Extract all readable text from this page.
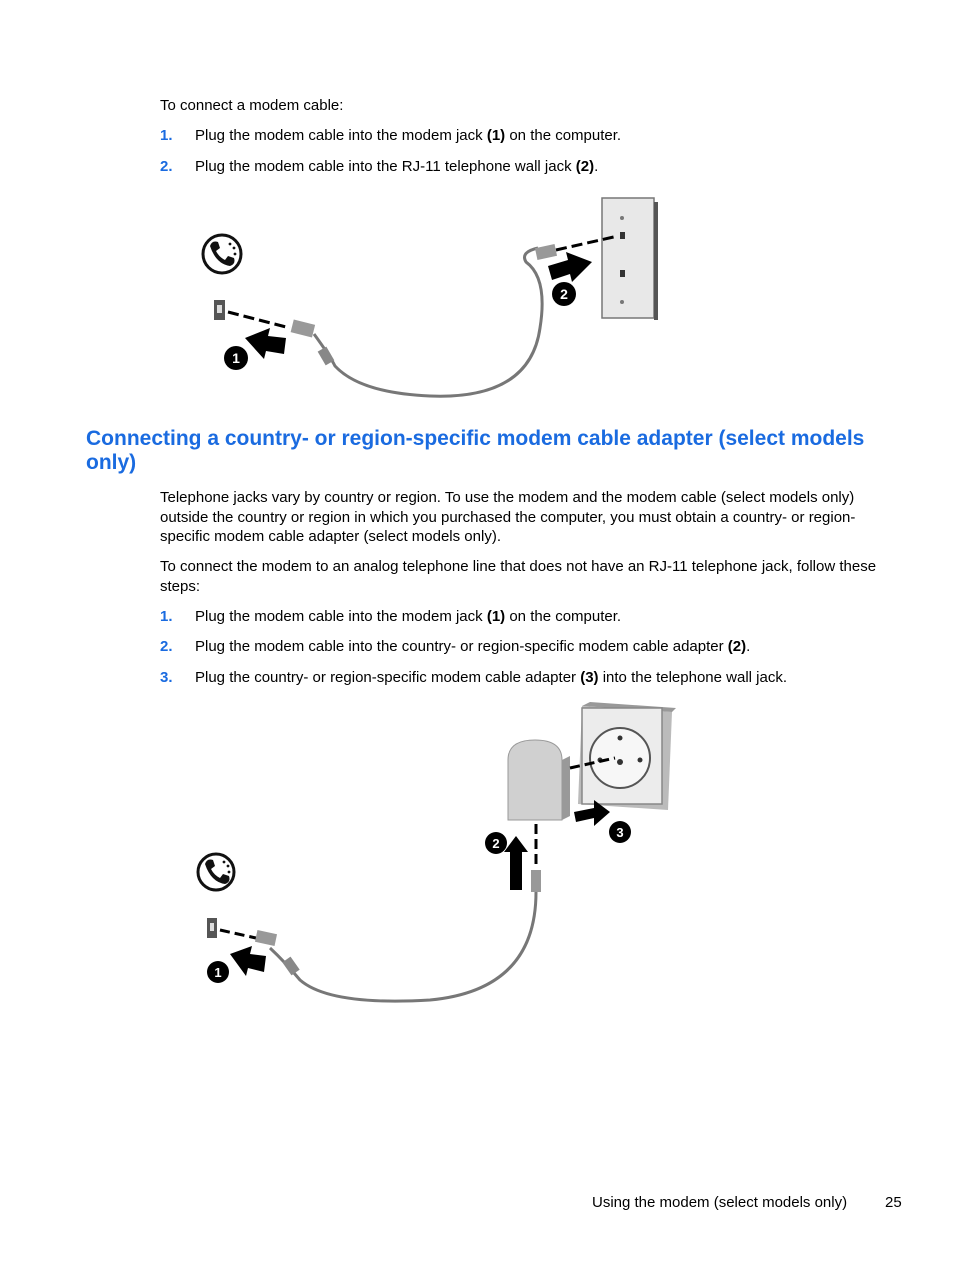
To connect a modem cable:

1. Plug the modem cable into the modem jack (1) on the computer.
2. Plug the modem cable into the RJ-11 telephone wall jack (2).
1
2
Connecting a country- or region-specific modem cable adapter (select models only)

Telephone jacks vary by country or region. To use the modem and the modem cable (select models only) outside the country or region in which you purchased the computer, you must obtain a country- or region-specific modem cable adapter (select models only).

To connect the modem to an analog telephone line that does not have an RJ-11 telephone jack, follow these steps:

1. Plug the modem cable into the modem jack (1) on the computer.
2. Plug the modem cable into the country- or region-specific modem cable adapter (2).
3. Plug the country- or region-specific modem cable adapter (3) into the telephone wall jack.
3
2
1
Using the modem (select models only)	25
